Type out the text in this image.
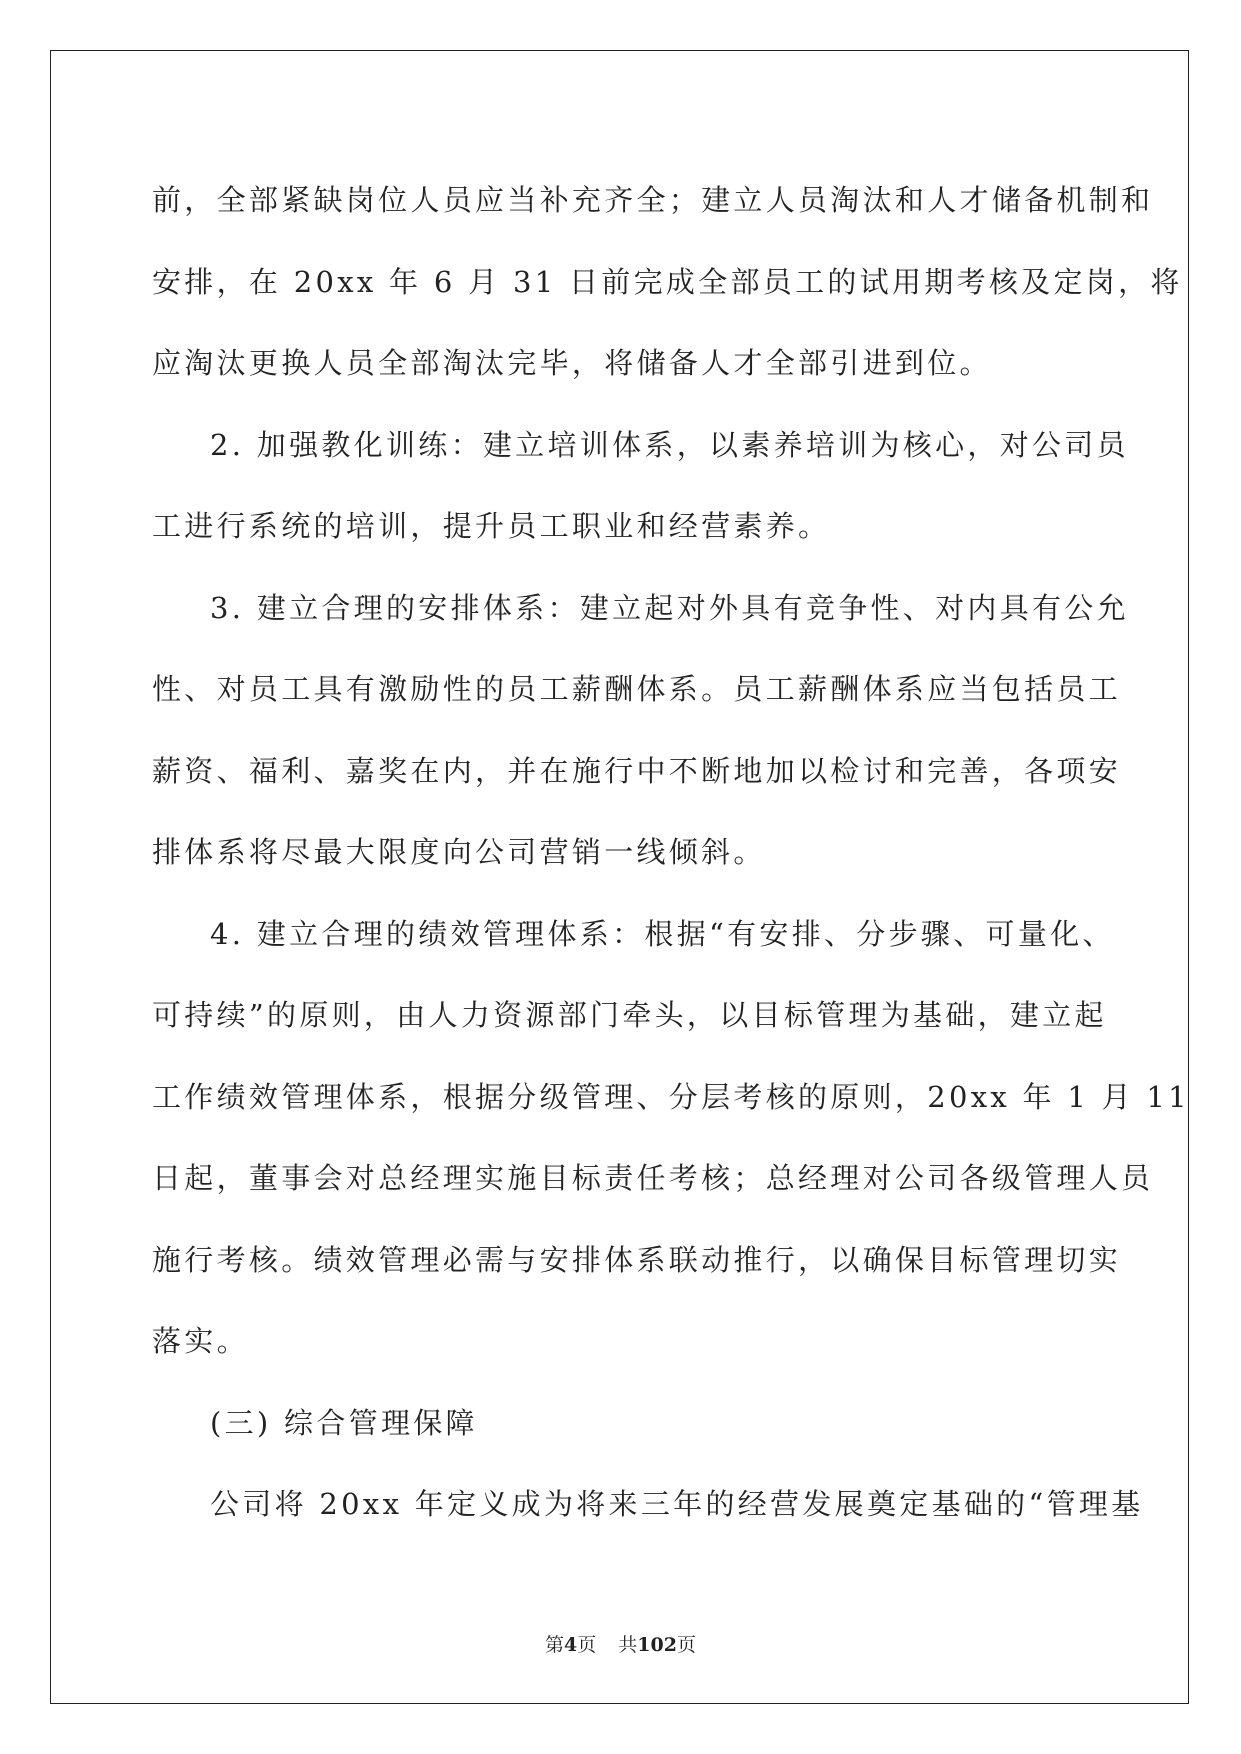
前，全部紧缺岗位人员应当补充齐全；建立人员淘汰和人才储备机制和

安排，在 20xx 年 6 月 31 日前完成全部员工的试用期考核及定岗，将

应淘汰更换人员全部淘汰完毕，将储备人才全部引进到位。

2. 加强教化训练：建立培训体系，以素养培训为核心，对公司员

工进行系统的培训，提升员工职业和经营素养。

3. 建立合理的安排体系：建立起对外具有竞争性、对内具有公允

性、对员工具有激励性的员工薪酬体系。员工薪酬体系应当包括员工

薪资、福利、嘉奖在内，并在施行中不断地加以检讨和完善，各项安

排体系将尽最大限度向公司营销一线倾斜。

4. 建立合理的绩效管理体系：根据“有安排、分步骤、可量化、

可持续”的原则，由人力资源部门牵头，以目标管理为基础，建立起

工作绩效管理体系，根据分级管理、分层考核的原则，20xx 年 1 月 11

日起，董事会对总经理实施目标责任考核；总经理对公司各级管理人员

施行考核。绩效管理必需与安排体系联动推行，以确保目标管理切实

落实。

(三) 综合管理保障

公司将 20xx 年定义成为将来三年的经营发展奠定基础的“管理基

第4页 共102页
